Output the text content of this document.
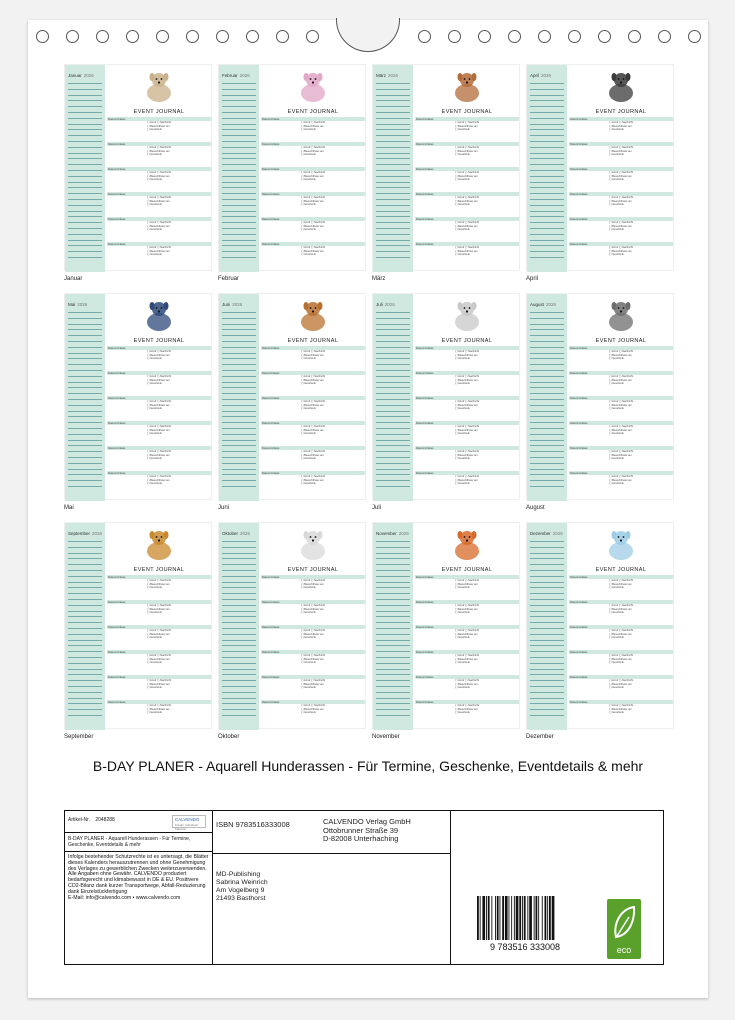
Januar 2026
EVENT JOURNAL
Datum/Anlass
( ) Anruf ( ) Nachricht
( ) Besuch/Feier am
( ) Geschenk
Datum/Anlass
( ) Anruf ( ) Nachricht
( ) Besuch/Feier am
( ) Geschenk
Datum/Anlass
( ) Anruf ( ) Nachricht
( ) Besuch/Feier am
( ) Geschenk
Datum/Anlass
( ) Anruf ( ) Nachricht
( ) Besuch/Feier am
( ) Geschenk
Datum/Anlass
( ) Anruf ( ) Nachricht
( ) Besuch/Feier am
( ) Geschenk
Datum/Anlass
( ) Anruf ( ) Nachricht
( ) Besuch/Feier am
( ) Geschenk
Januar
Februar 2026
EVENT JOURNAL
Datum/Anlass
( ) Anruf ( ) Nachricht
( ) Besuch/Feier am
( ) Geschenk
Datum/Anlass
( ) Anruf ( ) Nachricht
( ) Besuch/Feier am
( ) Geschenk
Datum/Anlass
( ) Anruf ( ) Nachricht
( ) Besuch/Feier am
( ) Geschenk
Datum/Anlass
( ) Anruf ( ) Nachricht
( ) Besuch/Feier am
( ) Geschenk
Datum/Anlass
( ) Anruf ( ) Nachricht
( ) Besuch/Feier am
( ) Geschenk
Datum/Anlass
( ) Anruf ( ) Nachricht
( ) Besuch/Feier am
( ) Geschenk
Februar
März 2026
EVENT JOURNAL
Datum/Anlass
( ) Anruf ( ) Nachricht
( ) Besuch/Feier am
( ) Geschenk
Datum/Anlass
( ) Anruf ( ) Nachricht
( ) Besuch/Feier am
( ) Geschenk
Datum/Anlass
( ) Anruf ( ) Nachricht
( ) Besuch/Feier am
( ) Geschenk
Datum/Anlass
( ) Anruf ( ) Nachricht
( ) Besuch/Feier am
( ) Geschenk
Datum/Anlass
( ) Anruf ( ) Nachricht
( ) Besuch/Feier am
( ) Geschenk
Datum/Anlass
( ) Anruf ( ) Nachricht
( ) Besuch/Feier am
( ) Geschenk
März
April 2026
EVENT JOURNAL
Datum/Anlass
( ) Anruf ( ) Nachricht
( ) Besuch/Feier am
( ) Geschenk
Datum/Anlass
( ) Anruf ( ) Nachricht
( ) Besuch/Feier am
( ) Geschenk
Datum/Anlass
( ) Anruf ( ) Nachricht
( ) Besuch/Feier am
( ) Geschenk
Datum/Anlass
( ) Anruf ( ) Nachricht
( ) Besuch/Feier am
( ) Geschenk
Datum/Anlass
( ) Anruf ( ) Nachricht
( ) Besuch/Feier am
( ) Geschenk
Datum/Anlass
( ) Anruf ( ) Nachricht
( ) Besuch/Feier am
( ) Geschenk
April
Mai 2026
EVENT JOURNAL
Datum/Anlass
( ) Anruf ( ) Nachricht
( ) Besuch/Feier am
( ) Geschenk
Datum/Anlass
( ) Anruf ( ) Nachricht
( ) Besuch/Feier am
( ) Geschenk
Datum/Anlass
( ) Anruf ( ) Nachricht
( ) Besuch/Feier am
( ) Geschenk
Datum/Anlass
( ) Anruf ( ) Nachricht
( ) Besuch/Feier am
( ) Geschenk
Datum/Anlass
( ) Anruf ( ) Nachricht
( ) Besuch/Feier am
( ) Geschenk
Datum/Anlass
( ) Anruf ( ) Nachricht
( ) Besuch/Feier am
( ) Geschenk
Mai
Juni 2026
EVENT JOURNAL
Datum/Anlass
( ) Anruf ( ) Nachricht
( ) Besuch/Feier am
( ) Geschenk
Datum/Anlass
( ) Anruf ( ) Nachricht
( ) Besuch/Feier am
( ) Geschenk
Datum/Anlass
( ) Anruf ( ) Nachricht
( ) Besuch/Feier am
( ) Geschenk
Datum/Anlass
( ) Anruf ( ) Nachricht
( ) Besuch/Feier am
( ) Geschenk
Datum/Anlass
( ) Anruf ( ) Nachricht
( ) Besuch/Feier am
( ) Geschenk
Datum/Anlass
( ) Anruf ( ) Nachricht
( ) Besuch/Feier am
( ) Geschenk
Juni
Juli 2026
EVENT JOURNAL
Datum/Anlass
( ) Anruf ( ) Nachricht
( ) Besuch/Feier am
( ) Geschenk
Datum/Anlass
( ) Anruf ( ) Nachricht
( ) Besuch/Feier am
( ) Geschenk
Datum/Anlass
( ) Anruf ( ) Nachricht
( ) Besuch/Feier am
( ) Geschenk
Datum/Anlass
( ) Anruf ( ) Nachricht
( ) Besuch/Feier am
( ) Geschenk
Datum/Anlass
( ) Anruf ( ) Nachricht
( ) Besuch/Feier am
( ) Geschenk
Datum/Anlass
( ) Anruf ( ) Nachricht
( ) Besuch/Feier am
( ) Geschenk
Juli
August 2026
EVENT JOURNAL
Datum/Anlass
( ) Anruf ( ) Nachricht
( ) Besuch/Feier am
( ) Geschenk
Datum/Anlass
( ) Anruf ( ) Nachricht
( ) Besuch/Feier am
( ) Geschenk
Datum/Anlass
( ) Anruf ( ) Nachricht
( ) Besuch/Feier am
( ) Geschenk
Datum/Anlass
( ) Anruf ( ) Nachricht
( ) Besuch/Feier am
( ) Geschenk
Datum/Anlass
( ) Anruf ( ) Nachricht
( ) Besuch/Feier am
( ) Geschenk
Datum/Anlass
( ) Anruf ( ) Nachricht
( ) Besuch/Feier am
( ) Geschenk
August
September 2026
EVENT JOURNAL
Datum/Anlass
( ) Anruf ( ) Nachricht
( ) Besuch/Feier am
( ) Geschenk
Datum/Anlass
( ) Anruf ( ) Nachricht
( ) Besuch/Feier am
( ) Geschenk
Datum/Anlass
( ) Anruf ( ) Nachricht
( ) Besuch/Feier am
( ) Geschenk
Datum/Anlass
( ) Anruf ( ) Nachricht
( ) Besuch/Feier am
( ) Geschenk
Datum/Anlass
( ) Anruf ( ) Nachricht
( ) Besuch/Feier am
( ) Geschenk
Datum/Anlass
( ) Anruf ( ) Nachricht
( ) Besuch/Feier am
( ) Geschenk
September
Oktober 2026
EVENT JOURNAL
Datum/Anlass
( ) Anruf ( ) Nachricht
( ) Besuch/Feier am
( ) Geschenk
Datum/Anlass
( ) Anruf ( ) Nachricht
( ) Besuch/Feier am
( ) Geschenk
Datum/Anlass
( ) Anruf ( ) Nachricht
( ) Besuch/Feier am
( ) Geschenk
Datum/Anlass
( ) Anruf ( ) Nachricht
( ) Besuch/Feier am
( ) Geschenk
Datum/Anlass
( ) Anruf ( ) Nachricht
( ) Besuch/Feier am
( ) Geschenk
Datum/Anlass
( ) Anruf ( ) Nachricht
( ) Besuch/Feier am
( ) Geschenk
Oktober
November 2026
EVENT JOURNAL
Datum/Anlass
( ) Anruf ( ) Nachricht
( ) Besuch/Feier am
( ) Geschenk
Datum/Anlass
( ) Anruf ( ) Nachricht
( ) Besuch/Feier am
( ) Geschenk
Datum/Anlass
( ) Anruf ( ) Nachricht
( ) Besuch/Feier am
( ) Geschenk
Datum/Anlass
( ) Anruf ( ) Nachricht
( ) Besuch/Feier am
( ) Geschenk
Datum/Anlass
( ) Anruf ( ) Nachricht
( ) Besuch/Feier am
( ) Geschenk
Datum/Anlass
( ) Anruf ( ) Nachricht
( ) Besuch/Feier am
( ) Geschenk
November
Dezember 2026
EVENT JOURNAL
Datum/Anlass
( ) Anruf ( ) Nachricht
( ) Besuch/Feier am
( ) Geschenk
Datum/Anlass
( ) Anruf ( ) Nachricht
( ) Besuch/Feier am
( ) Geschenk
Datum/Anlass
( ) Anruf ( ) Nachricht
( ) Besuch/Feier am
( ) Geschenk
Datum/Anlass
( ) Anruf ( ) Nachricht
( ) Besuch/Feier am
( ) Geschenk
Datum/Anlass
( ) Anruf ( ) Nachricht
( ) Besuch/Feier am
( ) Geschenk
Datum/Anlass
( ) Anruf ( ) Nachricht
( ) Besuch/Feier am
( ) Geschenk
Dezember
B-DAY PLANER - Aquarell Hunderassen - Für Termine, Geschenke, Eventdetails & mehr
Artikel-Nr. 2048288	CALVENDO
Kreativ. Individuell. Kalender.
B-DAY PLANER - Aquarell Hunderassen - Für Termine, Geschenke, Eventdetails & mehr
Infolge bestehender Schutzrechte ist es untersagt, die Blätter dieses Kalenders herauszutrennen und ohne Genehmigung des Verlages zu gewerblichen Zwecken weiterzuverwenden. Alle Angaben ohne Gewähr. CALVENDO produziert bedarfsgerecht und klimabewusst in DE & EU. Positivere CO2-Bilanz dank kurzer Transportwege, Abfall-Reduzierung dank Einzelstückfertigung
E-Mail: info@calvendo.com • www.calvendo.com
ISBN 9783516333008	CALVENDO Verlag GmbH
Ottobrunner Straße 39
D-82008 Unterhaching
MD-Publishing
Sabrina Weinrich
Am Vogelberg 9
21493 Basthorst
9 783516 333008	eco
